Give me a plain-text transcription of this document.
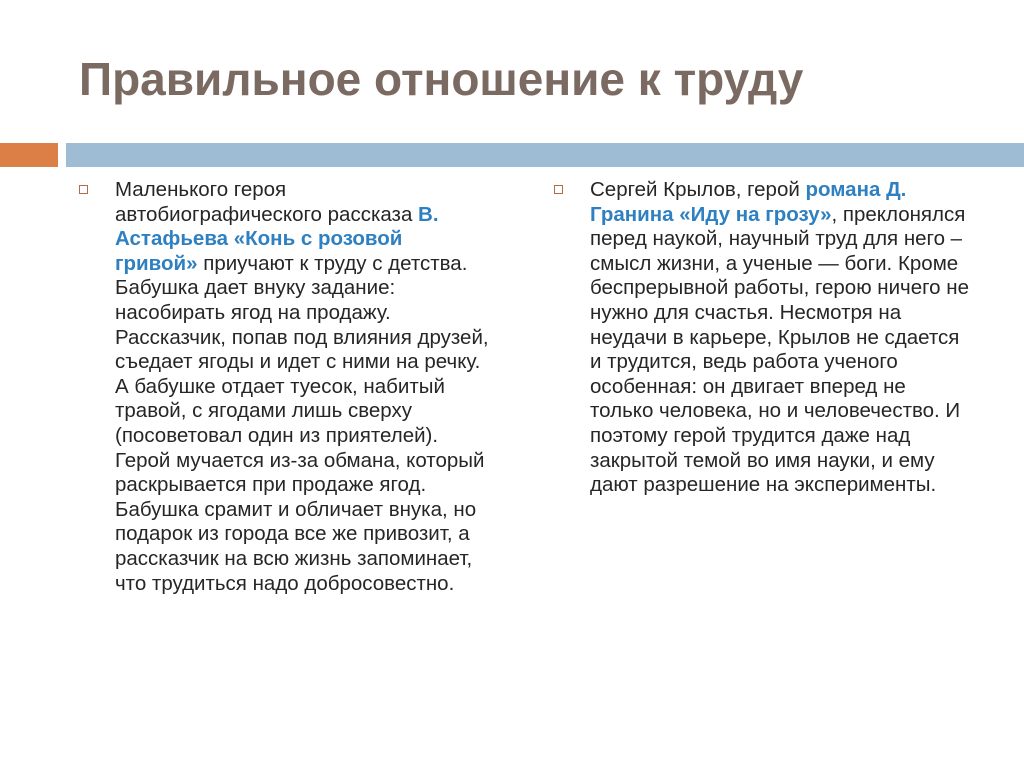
Правильное отношение к труду

Маленького героя автобиографического рассказа В. Астафьева «Конь с розовой гривой» приучают к труду с детства. Бабушка дает внуку задание: насобирать ягод на продажу. Рассказчик, попав под влияния друзей, съедает ягоды и идет с ними на речку. А бабушке отдает туесок, набитый травой, с ягодами лишь сверху (посоветовал один из приятелей). Герой мучается из-за обмана, который раскрывается при продаже ягод. Бабушка срамит и обличает внука, но подарок из города все же привозит, а рассказчик на всю жизнь запоминает, что трудиться надо добросовестно.

Сергей Крылов, герой романа Д. Гранина «Иду на грозу», преклонялся перед наукой, научный труд для него – смысл жизни, а ученые — боги. Кроме беспрерывной работы, герою ничего не нужно для счастья. Несмотря на неудачи в карьере, Крылов не сдается и трудится, ведь работа ученого особенная: он двигает вперед не только человека, но и человечество. И поэтому герой трудится даже над закрытой темой во имя науки, и ему дают разрешение на эксперименты.
